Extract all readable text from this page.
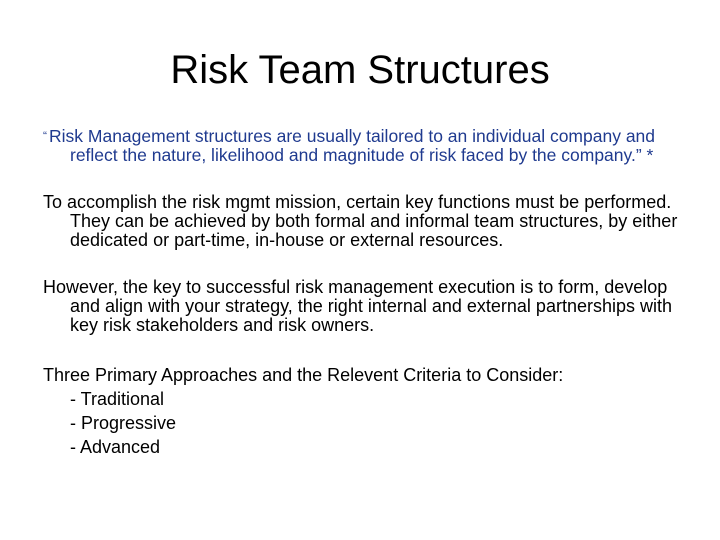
Risk Team Structures

“ Risk Management structures are usually tailored to an individual company and reflect the nature, likelihood and magnitude of risk faced by the company.” *

To accomplish the risk mgmt mission, certain key functions must be performed. They can be achieved by both formal and informal team structures, by either dedicated or part-time, in-house or external resources.

However, the key to successful risk management execution is to form, develop and align with your strategy, the right internal and external partnerships with key risk stakeholders and risk owners.

Three Primary Approaches and the Relevent Criteria to Consider:

- Traditional
- Progressive
- Advanced
